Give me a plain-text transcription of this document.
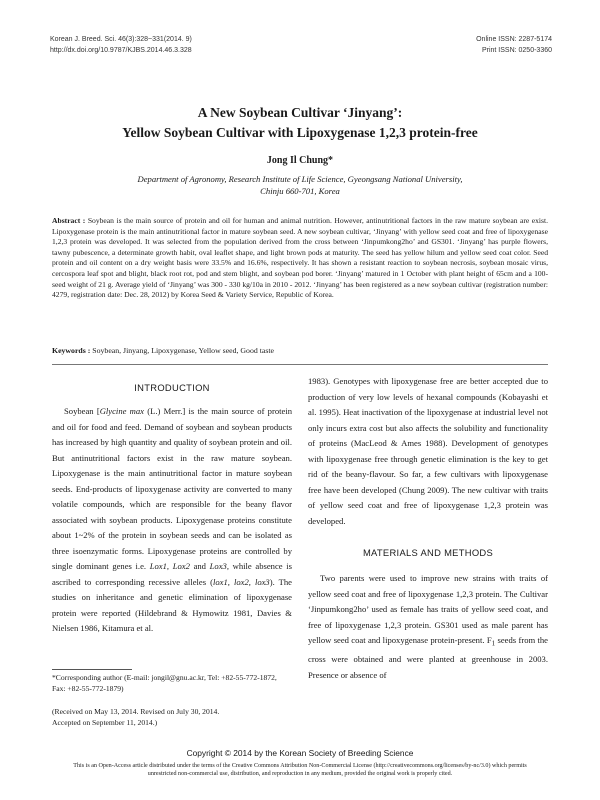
Korean J. Breed. Sci. 46(3):328~331(2014. 9)
http://dx.doi.org/10.9787/KJBS.2014.46.3.328
Online ISSN: 2287-5174
Print ISSN: 0250-3360
A New Soybean Cultivar ‘Jinyang’:
Yellow Soybean Cultivar with Lipoxygenase 1,2,3 protein-free
Jong Il Chung*
Department of Agronomy, Research Institute of Life Science, Gyeongsang National University,
Chinju 660-701, Korea
Abstract : Soybean is the main source of protein and oil for human and animal nutrition. However, antinutritional factors in the raw mature soybean are exist. Lipoxygenase protein is the main antinutritional factor in mature soybean seed. A new soybean cultivar, ‘Jinyang’ with yellow seed coat and free of lipoxygenase 1,2,3 protein was developed. It was selected from the population derived from the cross between ‘Jinpumkong2ho’ and GS301. ‘Jinyang’ has purple flowers, tawny pubescence, a determinate growth habit, oval leaflet shape, and light brown pods at maturity. The seed has yellow hilum and yellow seed coat color. Seed protein and oil content on a dry weight basis were 33.5% and 16.6%, respectively. It has shown a resistant reaction to soybean necrosis, soybean mosaic virus, cercospora leaf spot and blight, black root rot, pod and stem blight, and soybean pod borer. ‘Jinyang’ matured in 1 October with plant height of 65cm and a 100-seed weight of 21 g. Average yield of ‘Jinyang’ was 300 - 330 kg/10a in 2010 - 2012. ‘Jinyang’ has been registered as a new soybean cultivar (registration number: 4279, registration date: Dec. 28, 2012) by Korea Seed & Variety Service, Republic of Korea.
Keywords : Soybean, Jinyang, Lipoxygenase, Yellow seed, Good taste
INTRODUCTION

Soybean [Glycine max (L.) Merr.] is the main source of protein and oil for food and feed. Demand of soybean and soybean products has increased by high quantity and quality of soybean protein and oil. But antinutritional factors exist in the raw mature soybean. Lipoxygenase is the main antinutritional factor in mature soybean seeds. End-products of lipoxygenase activity are converted to many volatile compounds, which are responsible for the beany flavor associated with soybean products. Lipoxygenase proteins constitute about 1~2% of the protein in soybean seeds and can be isolated as three isoenzymatic forms. Lipoxygenase proteins are controlled by single dominant genes i.e. Lox1, Lox2 and Lox3, while absence is ascribed to corresponding recessive alleles (lox1, lox2, lox3). The studies on inheritance and genetic elimination of lipoxygenase protein were reported (Hildebrand & Hymowitz 1981, Davies & Nielsen 1986, Kitamura et al.

1983). Genotypes with lipoxygenase free are better accepted due to production of very low levels of hexanal compounds (Kobayashi et al. 1995). Heat inactivation of the lipoxygenase at industrial level not only incurs extra cost but also affects the solubility and functionality of proteins (MacLeod & Ames 1988). Development of genotypes with lipoxygenase free through genetic elimination is the key to get rid of the beany-flavour. So far, a few cultivars with lipoxygenase free have been developed (Chung 2009). The new cultivar with traits of yellow seed coat and free of lipoxygenase 1,2,3 protein was developed.

MATERIALS AND METHODS

Two parents were used to improve new strains with traits of yellow seed coat and free of lipoxygenase 1,2,3 protein. The Cultivar ‘Jinpumkong2ho’ used as female has traits of yellow seed coat, and free of lipoxygenase 1,2,3 protein. GS301 used as male parent has yellow seed coat and lipoxygenase protein-present. $F_1$ seeds from the cross were obtained and were planted at greenhouse in 2003. Presence or absence of

*Corresponding author (E-mail: jongil@gnu.ac.kr, Tel: +82-55-772-1872, Fax: +82-55-772-1879)
(Received on May 13, 2014. Revised on July 30, 2014.
Accepted on September 11, 2014.)
Copyright © 2014 by the Korean Society of Breeding Science
This is an Open-Access article distributed under the terms of the Creative Commons Attribution Non-Commercial License (http://creativecommons.org/licenses/by-nc/3.0) which permits unrestricted non-commercial use, distribution, and reproduction in any medium, provided the original work is properly cited.
